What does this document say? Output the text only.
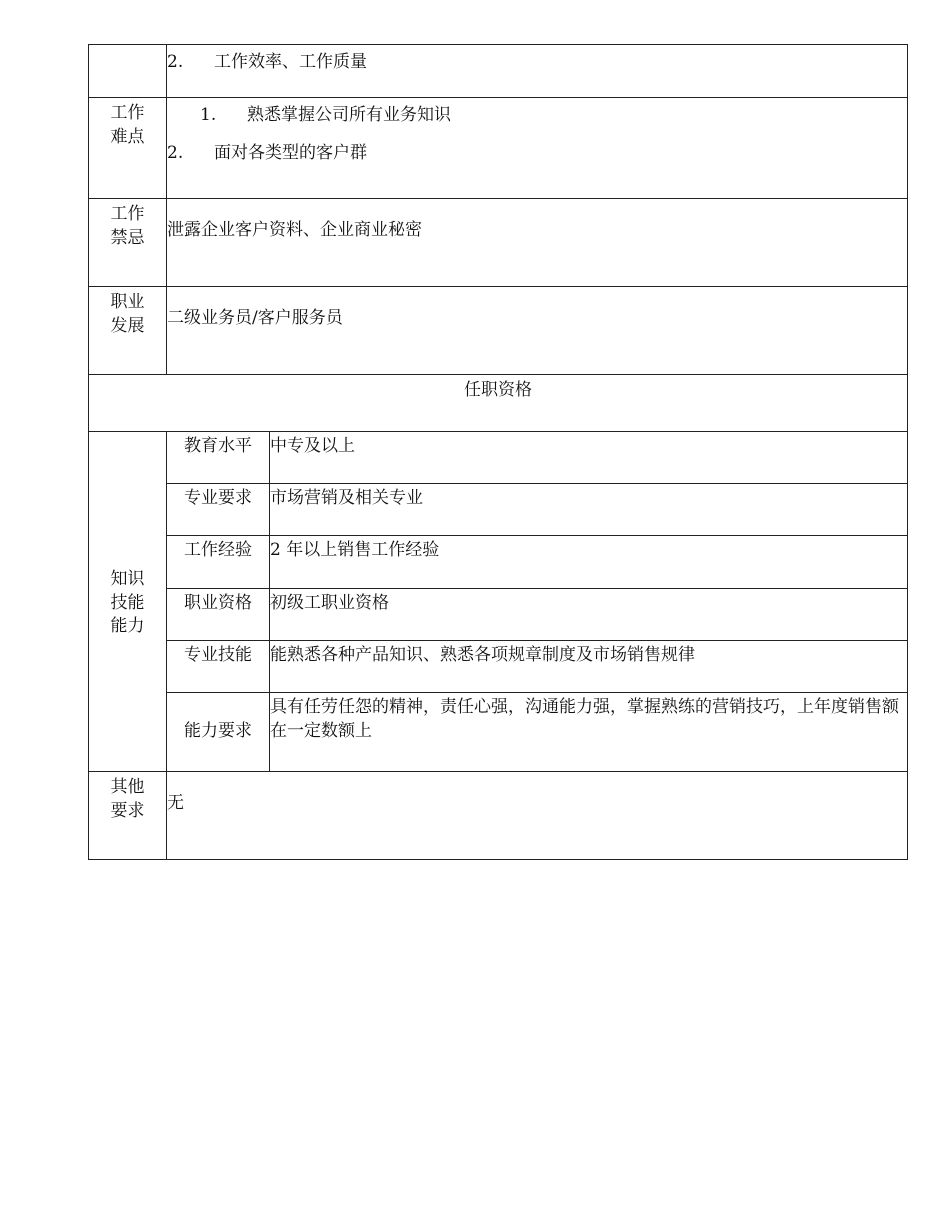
	2. 工作效率、工作质量	

工作
难点	1. 熟悉掌握公司所有业务知识
2. 面对各类型的客户群	

工作
禁忌	泄露企业客户资料、企业商业秘密	

职业
发展	二级业务员/客户服务员	
任职资格		

知识
技能
能力	教育水平	中专及以上
	专业要求	市场营销及相关专业
	工作经验	2 年以上销售工作经验
	职业资格	初级工职业资格
	专业技能	能熟悉各种产品知识、熟悉各项规章制度及市场销售规律
	能力要求	具有任劳任怨的精神，责任心强，沟通能力强，掌握熟练的营销技巧，上年度销售额在一定数额上

其他
要求	无	
